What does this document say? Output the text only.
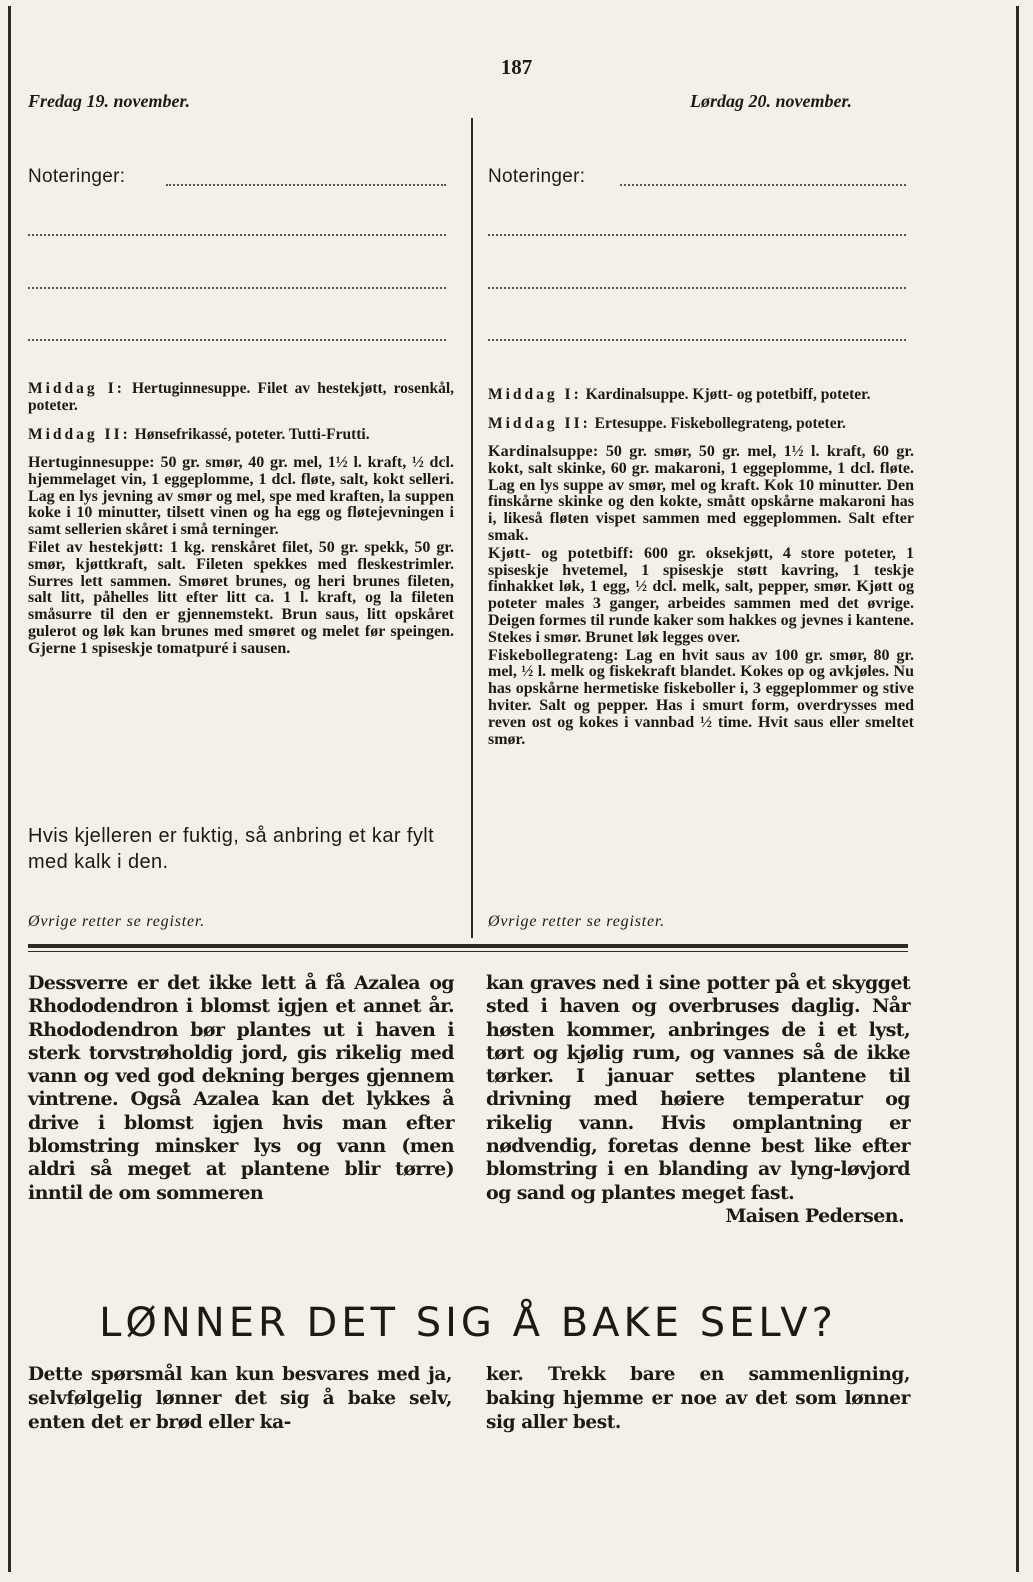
187
Fredag 19. november.
Noteringer:
Middag I: Hertuginnesuppe. Filet av hestekjøtt, rosenkål, poteter.
Middag II: Hønsefrikassé, poteter. Tutti-Frutti.

Hertuginnesuppe: 50 gr. smør, 40 gr. mel, 1½ l. kraft, ½ dcl. hjemmelaget vin, 1 eggeplomme, 1 dcl. fløte, salt, kokt selleri. Lag en lys jevning av smør og mel, spe med kraften, la suppen koke i 10 minutter, tilsett vinen og ha egg og fløtejevningen i samt sellerien skåret i små terninger.

Filet av hestekjøtt: 1 kg. renskåret filet, 50 gr. spekk, 50 gr. smør, kjøttkraft, salt. Fileten spekkes med fleskestrimler. Surres lett sammen. Smøret brunes, og heri brunes fileten, salt litt, påhelles litt efter litt ca. 1 l. kraft, og la fileten småsurre til den er gjennemstekt. Brun saus, litt opskåret gulerot og løk kan brunes med smøret og melet før speingen. Gjerne 1 spiseskje tomatpuré i sausen.

Hvis kjelleren er fuktig, så anbring et kar fylt med kalk i den.
Øvrige retter se register.
Lørdag 20. november.
Noteringer:
Middag I: Kardinalsuppe. Kjøtt- og potetbiff, poteter.
Middag II: Ertesuppe. Fiskebollegrateng, poteter.

Kardinalsuppe: 50 gr. smør, 50 gr. mel, 1½ l. kraft, 60 gr. kokt, salt skinke, 60 gr. makaroni, 1 eggeplomme, 1 dcl. fløte. Lag en lys suppe av smør, mel og kraft. Kok 10 minutter. Den finskårne skinke og den kokte, smått opskårne makaroni has i, likeså fløten vispet sammen med eggeplommen. Salt efter smak.

Kjøtt- og potetbiff: 600 gr. oksekjøtt, 4 store poteter, 1 spiseskje hvetemel, 1 spiseskje støtt kavring, 1 teskje finhakket løk, 1 egg, ½ dcl. melk, salt, pepper, smør. Kjøtt og poteter males 3 ganger, arbeides sammen med det øvrige. Deigen formes til runde kaker som hakkes og jevnes i kantene. Stekes i smør. Brunet løk legges over.

Fiskebollegrateng: Lag en hvit saus av 100 gr. smør, 80 gr. mel, ½ l. melk og fiskekraft blandet. Kokes op og avkjøles. Nu has opskårne hermetiske fiskeboller i, 3 eggeplommer og stive hviter. Salt og pepper. Has i smurt form, overdrysses med reven ost og kokes i vannbad ½ time. Hvit saus eller smeltet smør.

Øvrige retter se register.
Dessverre er det ikke lett å få Azalea og Rhododendron i blomst igjen et annet år. Rhododendron bør plantes ut i haven i sterk torvstrøholdig jord, gis rikelig med vann og ved god dekning berges gjennem vintrene. Også Azalea kan det lykkes å drive i blomst igjen hvis man efter blomstring minsker lys og vann (men aldri så meget at plantene blir tørre) inntil de om sommeren
kan graves ned i sine potter på et skygget sted i haven og overbruses daglig. Når høsten kommer, anbringes de i et lyst, tørt og kjølig rum, og vannes så de ikke tørker. I januar settes plantene til drivning med høiere temperatur og rikelig vann. Hvis omplantning er nødvendig, foretas denne best like efter blomstring i en blanding av lyng-løvjord og sand og plantes meget fast.
Maisen Pedersen.
LØNNER DET SIG Å BAKE SELV?
Dette spørsmål kan kun besvares med ja, selvfølgelig lønner det sig å bake selv, enten det er brød eller ka-
ker. Trekk bare en sammenligning, baking hjemme er noe av det som lønner sig aller best.
